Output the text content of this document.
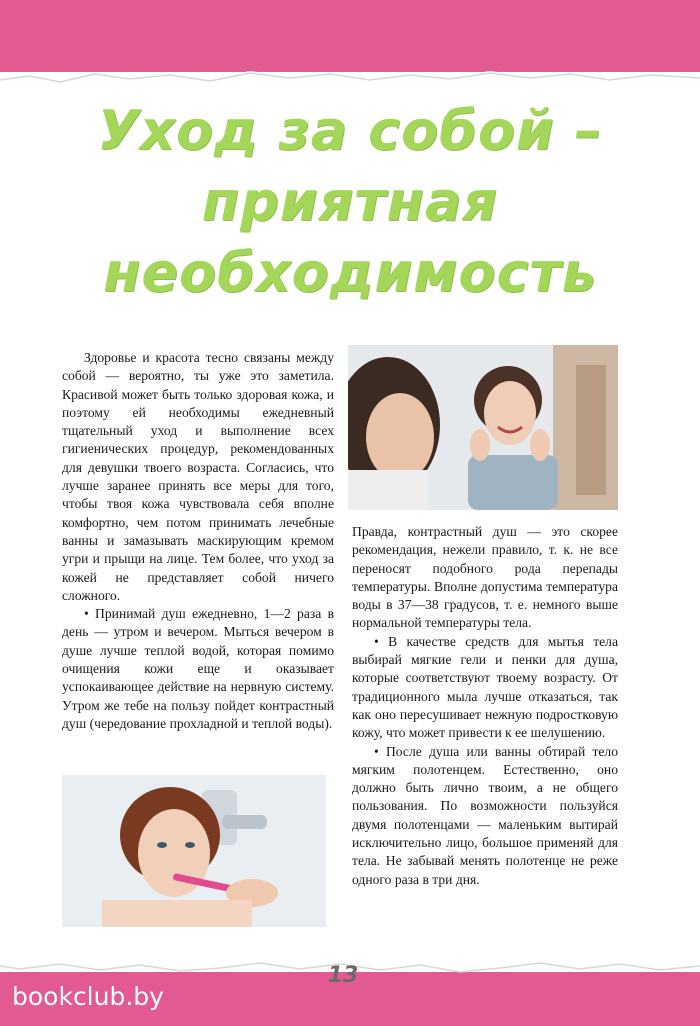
Уход за собой –
приятная
необходимость

Здоровье и красота тесно связаны между собой — вероятно, ты уже это заметила. Красивой может быть только здоровая кожа, и поэтому ей необходимы ежедневный тщательный уход и выполнение всех гигиенических процедур, рекомендованных для девушки твоего возраста. Согласись, что лучше заранее принять все меры для того, чтобы твоя кожа чувствовала себя вполне комфортно, чем потом принимать лечебные ванны и замазывать маскирующим кремом угри и прыщи на лице. Тем более, что уход за кожей не представляет собой ничего сложного.

• Принимай душ ежедневно, 1—2 раза в день — утром и вечером. Мыться вечером в душе лучше теплой водой, которая помимо очищения кожи еще и оказывает успокаивающее действие на нервную систему. Утром же тебе на пользу пойдет контрастный душ (чередование прохладной и теплой воды).

Правда, контрастный душ — это скорее рекомендация, нежели правило, т. к. не все переносят подобного рода перепады температуры. Вполне допустима температура воды в 37—38 градусов, т. е. немного выше нормальной температуры тела.

• В качестве средств для мытья тела выбирай мягкие гели и пенки для душа, которые соответствуют твоему возрасту. От традиционного мыла лучше отказаться, так как оно пересушивает нежную подростковую кожу, что может привести к ее шелушению.

• После душа или ванны обтирай тело мягким полотенцем. Естественно, оно должно быть лично твоим, а не общего пользования. По возможности пользуйся двумя полотенцами — маленьким вытирай исключительно лицо, большое применяй для тела. Не забывай менять полотенце не реже одного раза в три дня.

13
bookclub.by
